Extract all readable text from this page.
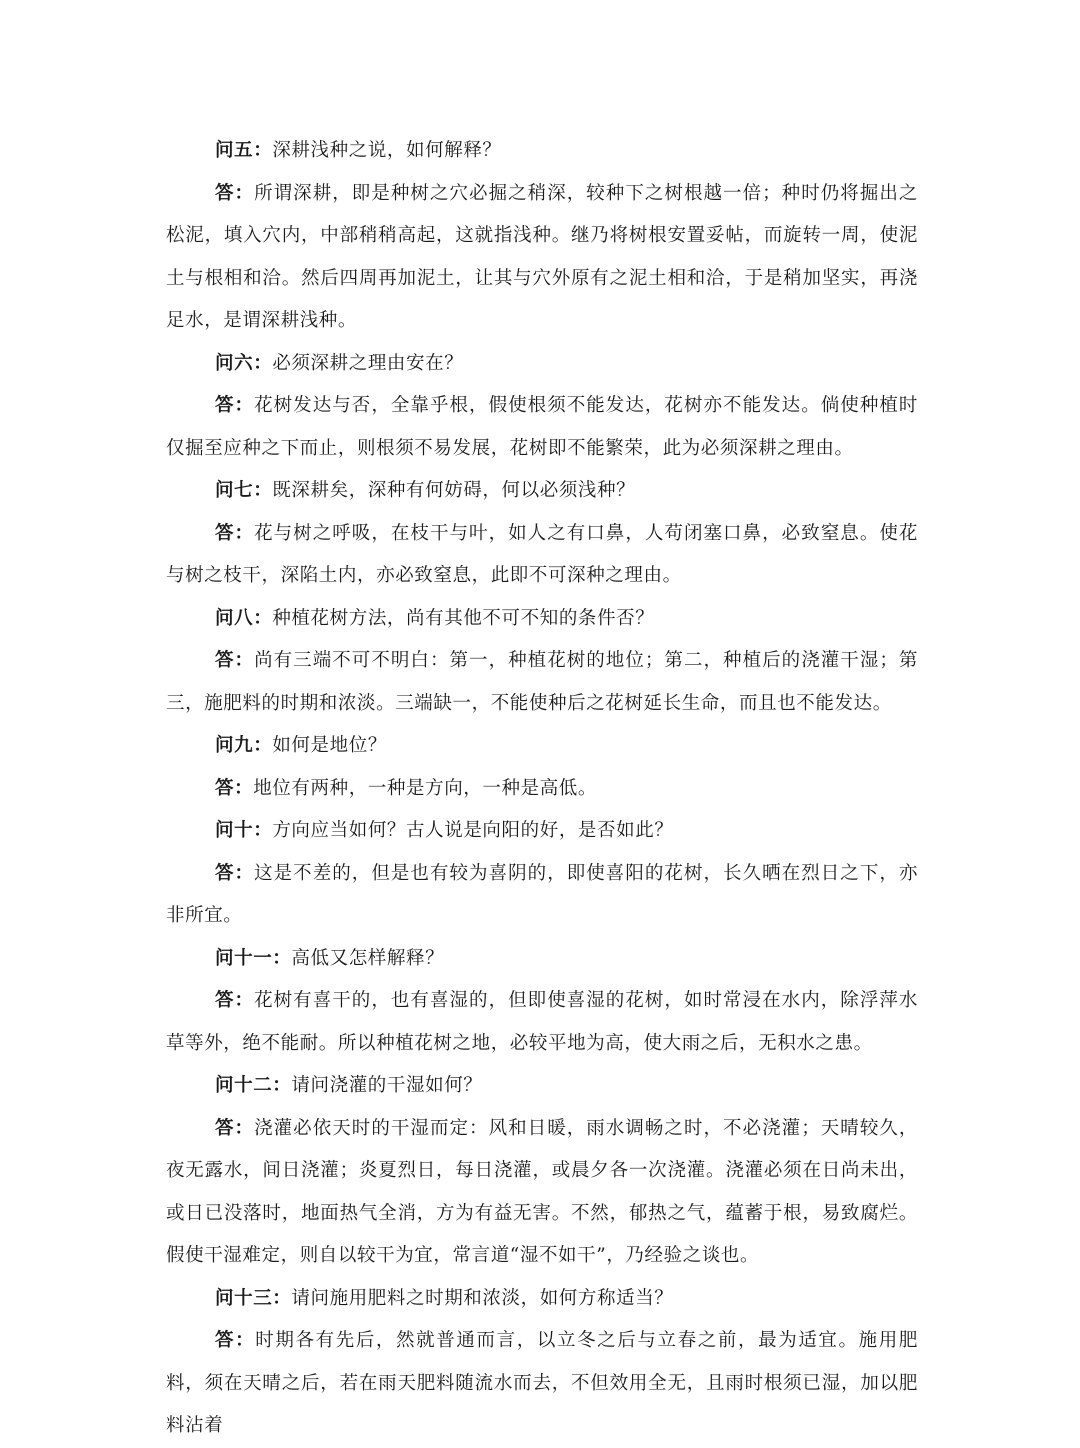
问五：深耕浅种之说，如何解释？

答：所谓深耕，即是种树之穴必掘之稍深，较种下之树根越一倍；种时仍将掘出之松泥，填入穴内，中部稍稍高起，这就指浅种。继乃将树根安置妥帖，而旋转一周，使泥土与根相和洽。然后四周再加泥土，让其与穴外原有之泥土相和洽，于是稍加坚实，再浇足水，是谓深耕浅种。

问六：必须深耕之理由安在？

答：花树发达与否，全靠乎根，假使根须不能发达，花树亦不能发达。倘使种植时仅掘至应种之下而止，则根须不易发展，花树即不能繁荣，此为必须深耕之理由。

问七：既深耕矣，深种有何妨碍，何以必须浅种？

答：花与树之呼吸，在枝干与叶，如人之有口鼻，人苟闭塞口鼻，必致窒息。使花与树之枝干，深陷土内，亦必致窒息，此即不可深种之理由。

问八：种植花树方法，尚有其他不可不知的条件否？

答：尚有三端不可不明白：第一，种植花树的地位；第二，种植后的浇灌干湿；第三，施肥料的时期和浓淡。三端缺一，不能使种后之花树延长生命，而且也不能发达。

问九：如何是地位？

答：地位有两种，一种是方向，一种是高低。

问十：方向应当如何？古人说是向阳的好，是否如此？

答：这是不差的，但是也有较为喜阴的，即使喜阳的花树，长久晒在烈日之下，亦非所宜。

问十一：高低又怎样解释？

答：花树有喜干的，也有喜湿的，但即使喜湿的花树，如时常浸在水内，除浮萍水草等外，绝不能耐。所以种植花树之地，必较平地为高，使大雨之后，无积水之患。

问十二：请问浇灌的干湿如何？

答：浇灌必依天时的干湿而定：风和日暖，雨水调畅之时，不必浇灌；天晴较久，夜无露水，间日浇灌；炎夏烈日，每日浇灌，或晨夕各一次浇灌。浇灌必须在日尚未出，或日已没落时，地面热气全消，方为有益无害。不然，郁热之气，蕴蓄于根，易致腐烂。假使干湿难定，则自以较干为宜，常言道“湿不如干”，乃经验之谈也。

问十三：请问施用肥料之时期和浓淡，如何方称适当？

答：时期各有先后，然就普通而言，以立冬之后与立春之前，最为适宜。施用肥料，须在天晴之后，若在雨天肥料随流水而去，不但效用全无，且雨时根须已湿，加以肥料沾着
